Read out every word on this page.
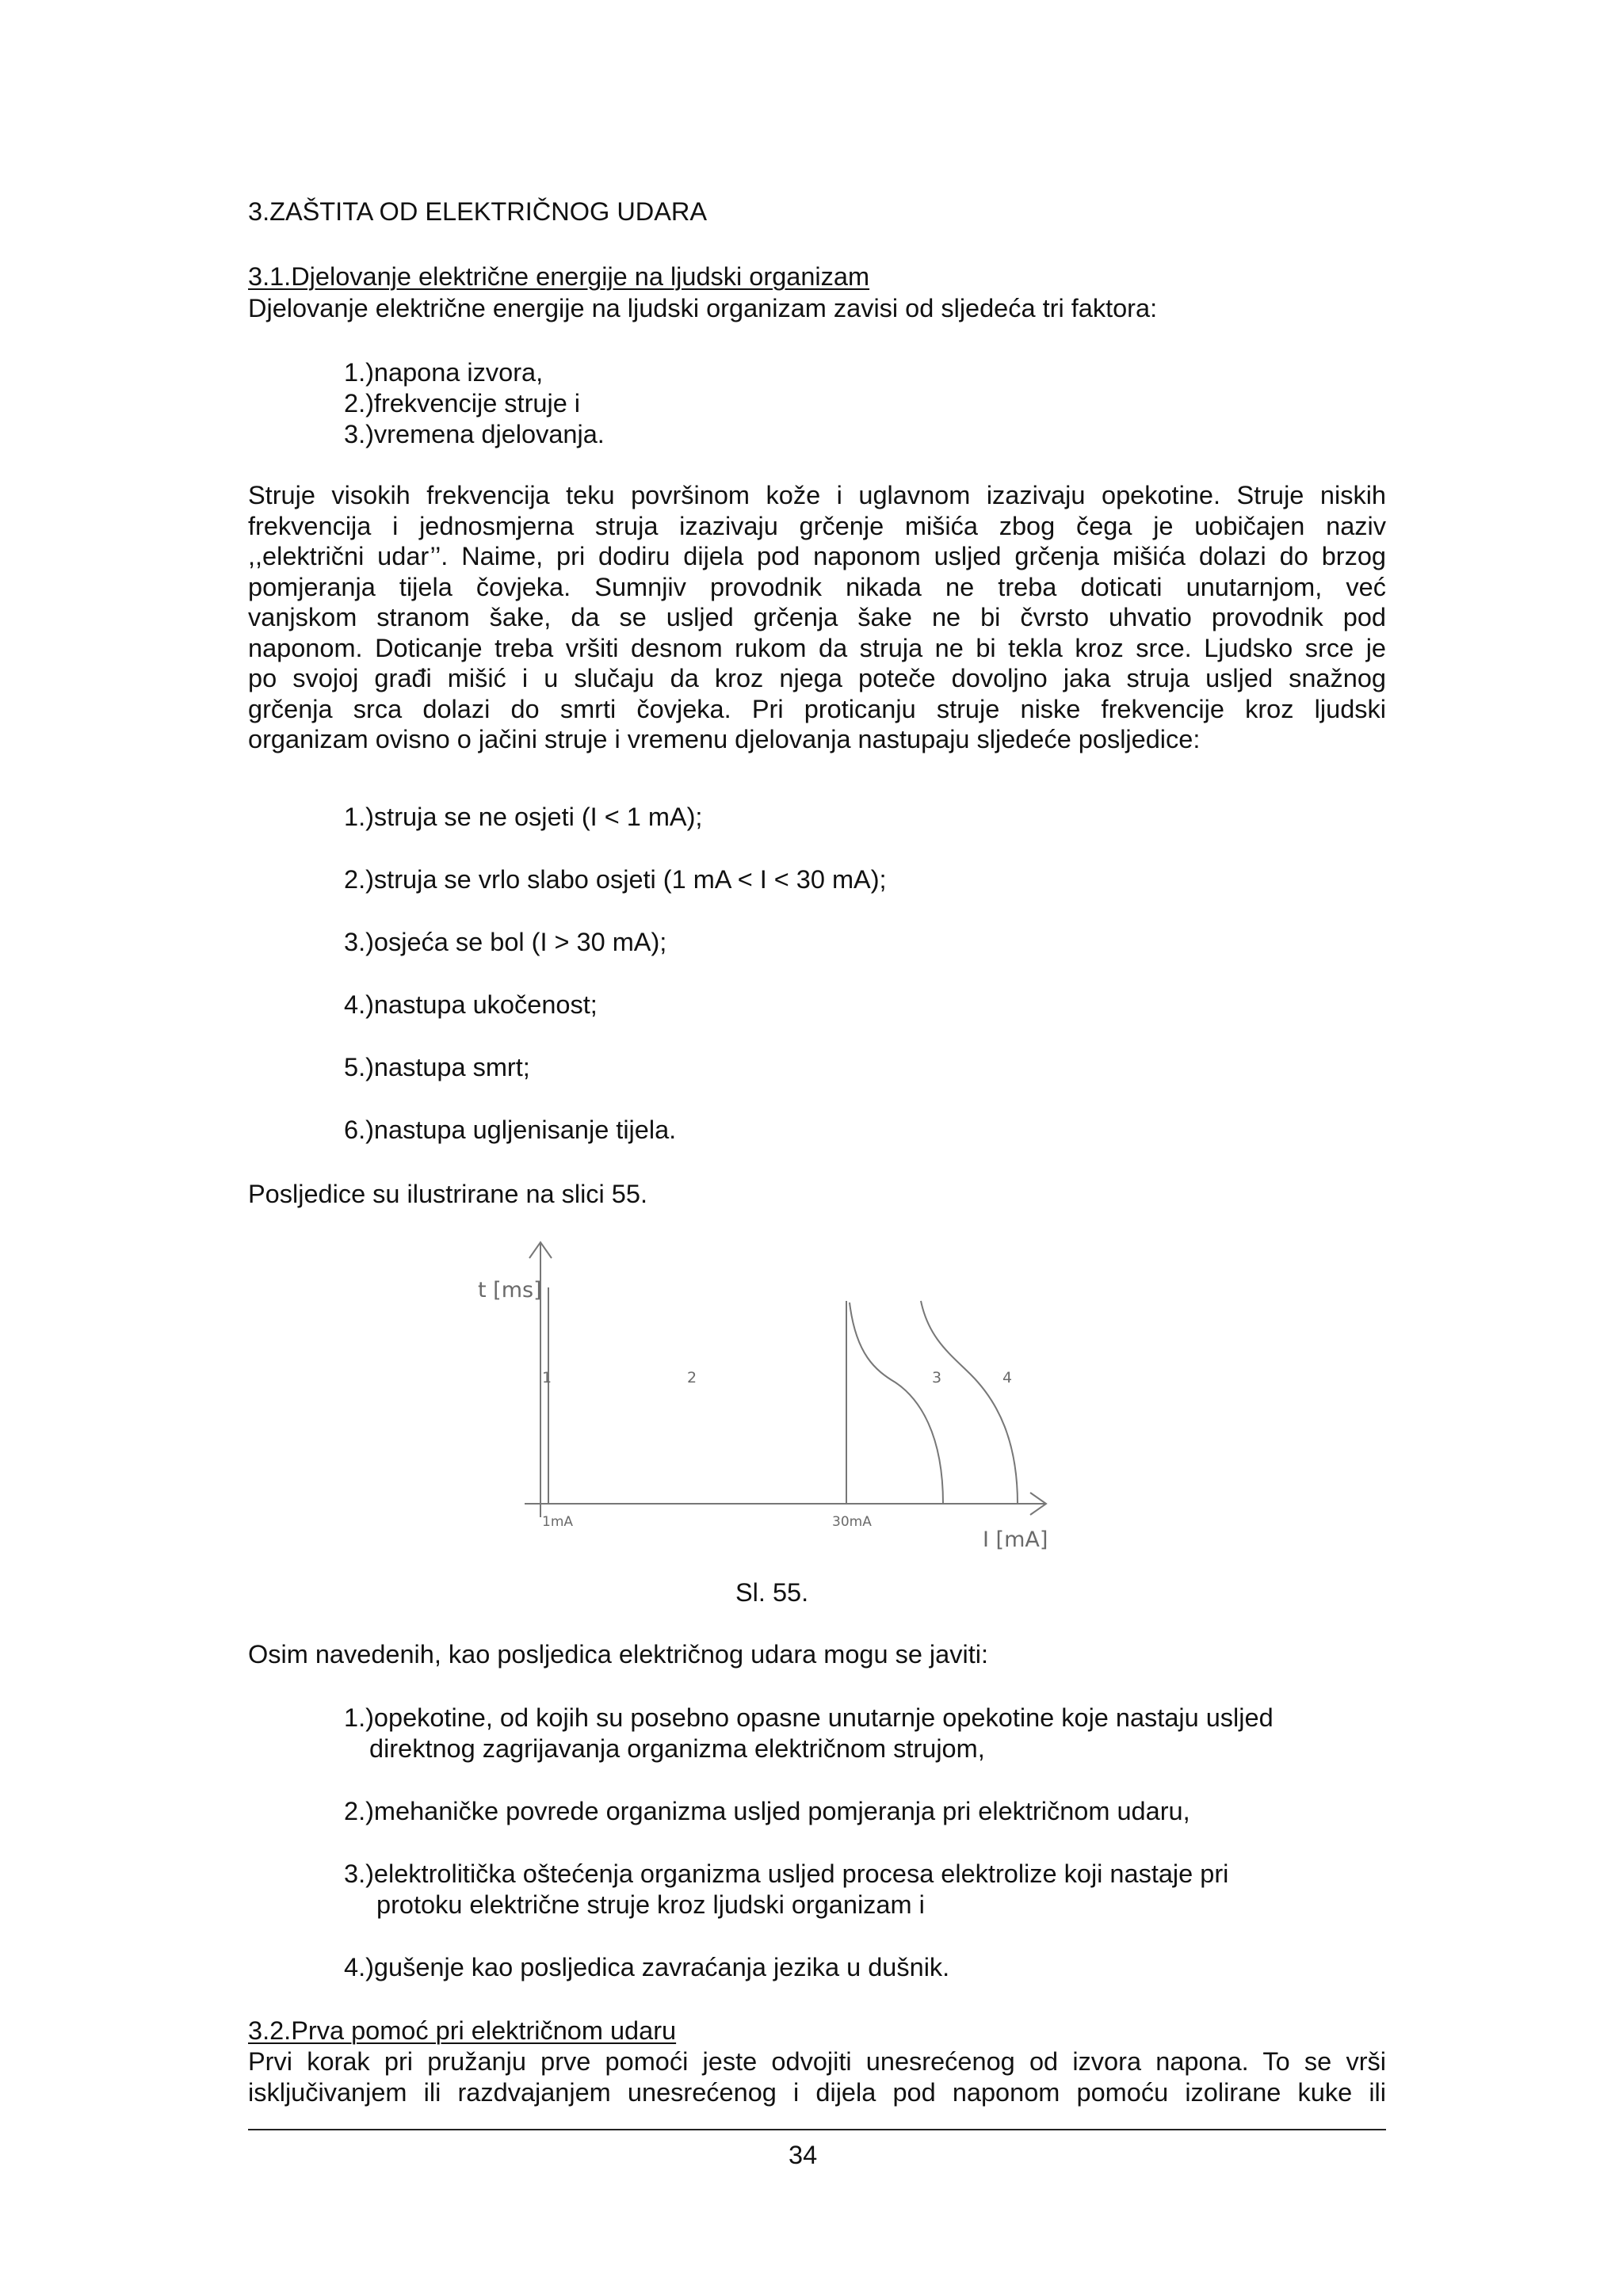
3.ZAŠTITA OD ELEKTRIČNOG UDARA

3.1.Djelovanje električne energije na ljudski organizam

Djelovanje električne energije na ljudski organizam zavisi od sljedeća tri faktora:

1.)napona izvora,

2.)frekvencije struje i

3.)vremena djelovanja.

Struje visokih frekvencija teku površinom kože i uglavnom izazivaju opekotine. Struje niskih
frekvencija i jednosmjerna struja izazivaju grčenje mišića zbog čega je uobičajen naziv
,,električni udar’’. Naime, pri dodiru dijela pod naponom usljed grčenja mišića dolazi do brzog
pomjeranja tijela čovjeka. Sumnjiv provodnik nikada ne treba doticati unutarnjom, već
vanjskom stranom šake, da se usljed grčenja šake ne bi čvrsto uhvatio provodnik pod
naponom. Doticanje treba vršiti desnom rukom da struja ne bi tekla kroz srce. Ljudsko srce je
po svojoj građi mišić i u slučaju da kroz njega poteče dovoljno jaka struja usljed snažnog
grčenja srca dolazi do smrti čovjeka. Pri proticanju struje niske frekvencije kroz ljudski
organizam ovisno o jačini struje i vremenu djelovanja nastupaju sljedeće posljedice:

1.)struja se ne osjeti (I < 1 mA);

2.)struja se vrlo slabo osjeti (1 mA < I < 30 mA);

3.)osjeća se bol (I > 30 mA);

4.)nastupa ukočenost;

5.)nastupa smrt;

6.)nastupa ugljenisanje tijela.

Posljedice su ilustrirane na slici 55.

t [ms]
I [mA]
1mA	30mA
1	2	3	4

Sl. 55.

Osim navedenih, kao posljedica električnog udara mogu se javiti:

1.)opekotine, od kojih su posebno opasne unutarnje opekotine koje nastaju usljed

direktnog zagrijavanja organizma električnom strujom,

2.)mehaničke povrede organizma usljed pomjeranja pri električnom udaru,

3.)elektrolitička oštećenja organizma usljed procesa elektrolize koji nastaje pri

protoku električne struje kroz ljudski organizam i

4.)gušenje kao posljedica zavraćanja jezika u dušnik.

3.2.Prva pomoć pri električnom udaru

Prvi korak pri pružanju prve pomoći jeste odvojiti unesrećenog od izvora napona. To se vrši
isključivanjem ili razdvajanjem unesrećenog i dijela pod naponom pomoću izolirane kuke ili

34
